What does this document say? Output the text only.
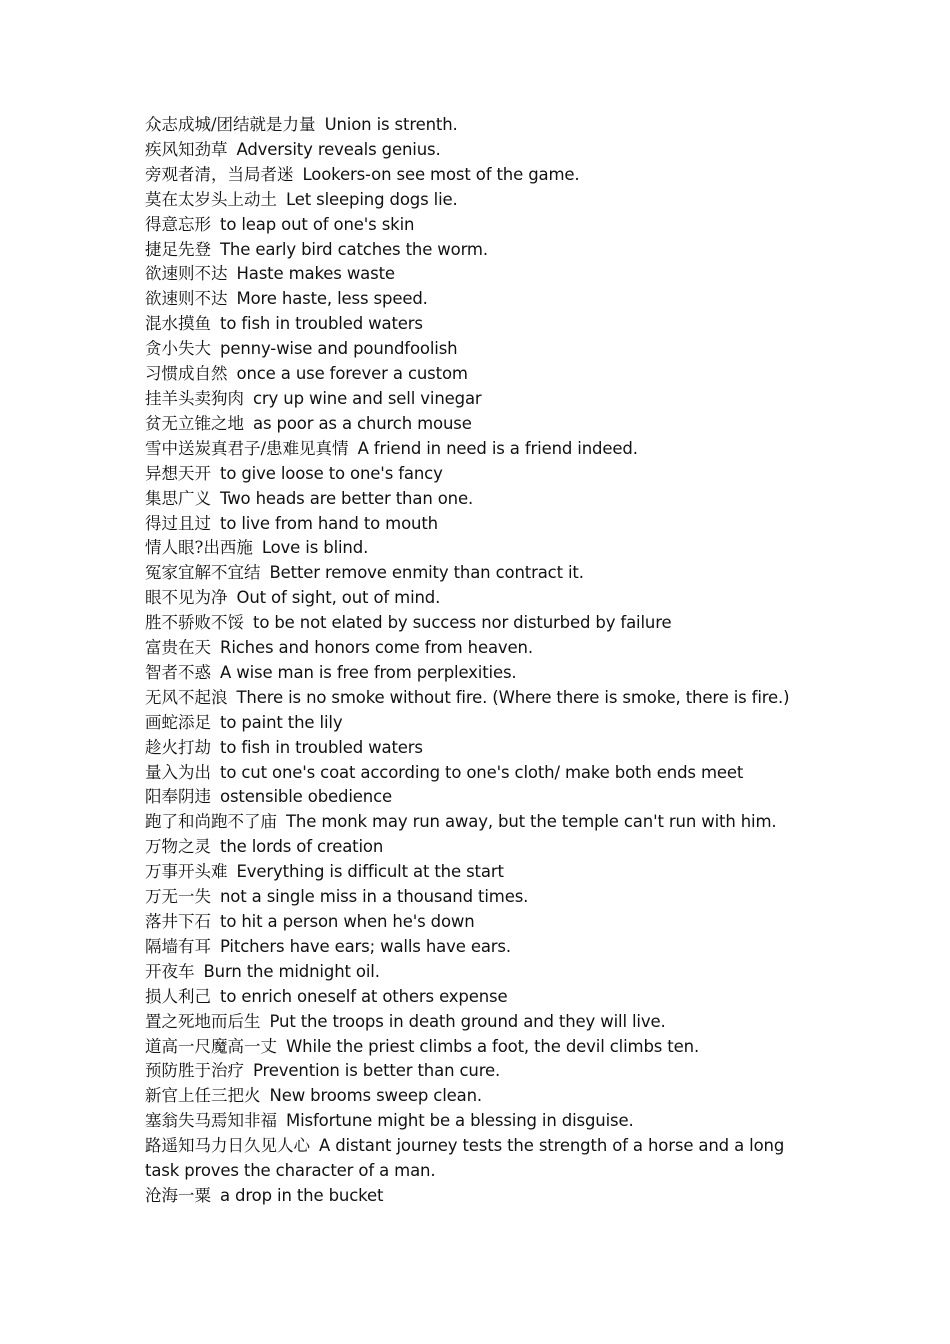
众志成城/团结就是力量 Union is strenth.

疾风知劲草 Adversity reveals genius.

旁观者清，当局者迷 Lookers-on see most of the game.

莫在太岁头上动土 Let sleeping dogs lie.

得意忘形 to leap out of one's skin

捷足先登 The early bird catches the worm.

欲速则不达 Haste makes waste

欲速则不达 More haste, less speed.

混水摸鱼 to fish in troubled waters

贪小失大 penny-wise and poundfoolish

习惯成自然 once a use forever a custom

挂羊头卖狗肉 cry up wine and sell vinegar

贫无立锥之地 as poor as a church mouse

雪中送炭真君子/患难见真情 A friend in need is a friend indeed.

异想天开 to give loose to one's fancy

集思广义 Two heads are better than one.

得过且过 to live from hand to mouth

情人眼?出西施 Love is blind.

冤家宜解不宜结 Better remove enmity than contract it.

眼不见为净 Out of sight, out of mind.

胜不骄败不馁 to be not elated by success nor disturbed by failure

富贵在天 Riches and honors come from heaven.

智者不惑 A wise man is free from perplexities.

无风不起浪 There is no smoke without fire. (Where there is smoke, there is fire.)

画蛇添足 to paint the lily

趁火打劫 to fish in troubled waters

量入为出 to cut one's coat according to one's cloth/ make both ends meet

阳奉阴违 ostensible obedience

跑了和尚跑不了庙 The monk may run away, but the temple can't run with him.

万物之灵 the lords of creation

万事开头难 Everything is difficult at the start

万无一失 not a single miss in a thousand times.

落井下石 to hit a person when he's down

隔墙有耳 Pitchers have ears; walls have ears.

开夜车 Burn the midnight oil.

损人利己 to enrich oneself at others expense

置之死地而后生 Put the troops in death ground and they will live.

道高一尺魔高一丈 While the priest climbs a foot, the devil climbs ten.

预防胜于治疗 Prevention is better than cure.

新官上任三把火 New brooms sweep clean.

塞翁失马焉知非福 Misfortune might be a blessing in disguise.

路遥知马力日久见人心 A distant journey tests the strength of a horse and a long task proves the character of a man.

沧海一粟 a drop in the bucket
